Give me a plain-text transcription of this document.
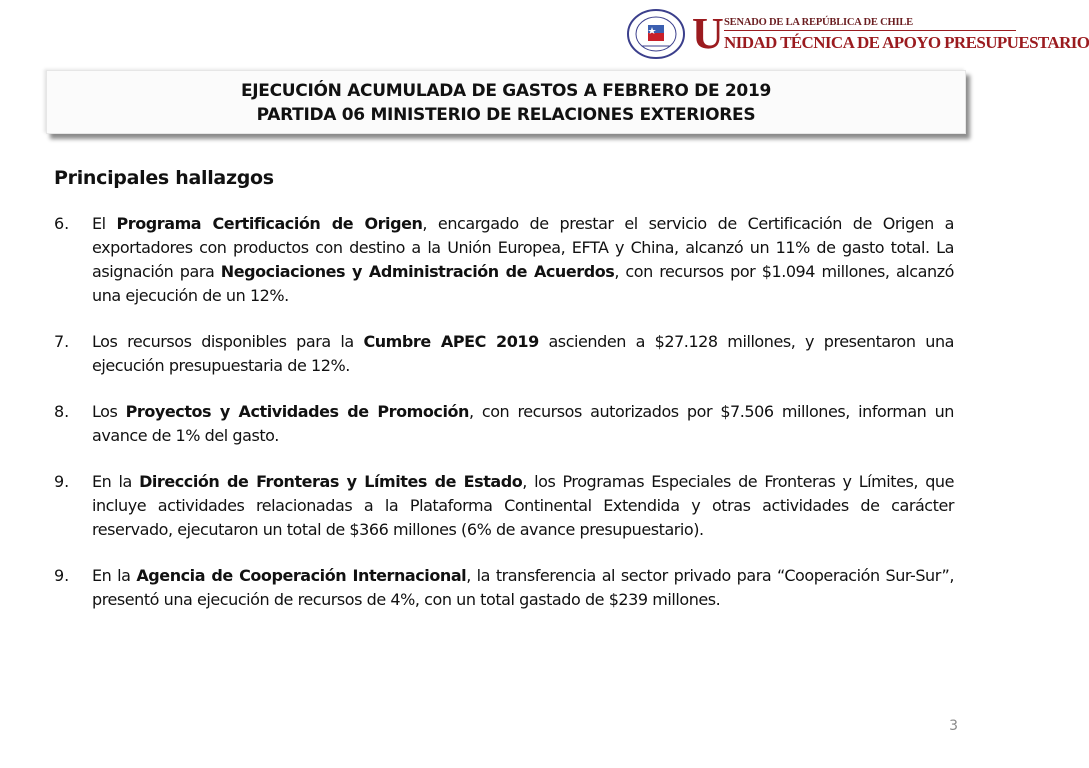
U SENADO DE LA REPÚBLICA DE CHILE
NIDAD TÉCNICA DE APOYO PRESUPUESTARIO
EJECUCIÓN ACUMULADA DE GASTOS A FEBRERO DE 2019
PARTIDA 06 MINISTERIO DE RELACIONES EXTERIORES
Principales hallazgos
6.	El Programa Certificación de Origen, encargado de prestar el servicio de Certificación de Origen a exportadores con productos con destino a la Unión Europea, EFTA y China, alcanzó un 11% de gasto total. La asignación para Negociaciones y Administración de Acuerdos, con recursos por $1.094 millones, alcanzó una ejecución de un 12%.
7.	Los recursos disponibles para la Cumbre APEC 2019 ascienden a $27.128 millones, y presentaron una ejecución presupuestaria de 12%.
8.	Los Proyectos y Actividades de Promoción, con recursos autorizados por $7.506 millones, informan un avance de 1% del gasto.
9.	En la Dirección de Fronteras y Límites de Estado, los Programas Especiales de Fronteras y Límites, que incluye actividades relacionadas a la Plataforma Continental Extendida y otras actividades de carácter reservado, ejecutaron un total de $366 millones (6% de avance presupuestario).
9.	En la Agencia de Cooperación Internacional, la transferencia al sector privado para “Cooperación Sur-Sur”, presentó una ejecución de recursos de 4%, con un total gastado de $239 millones.
3
